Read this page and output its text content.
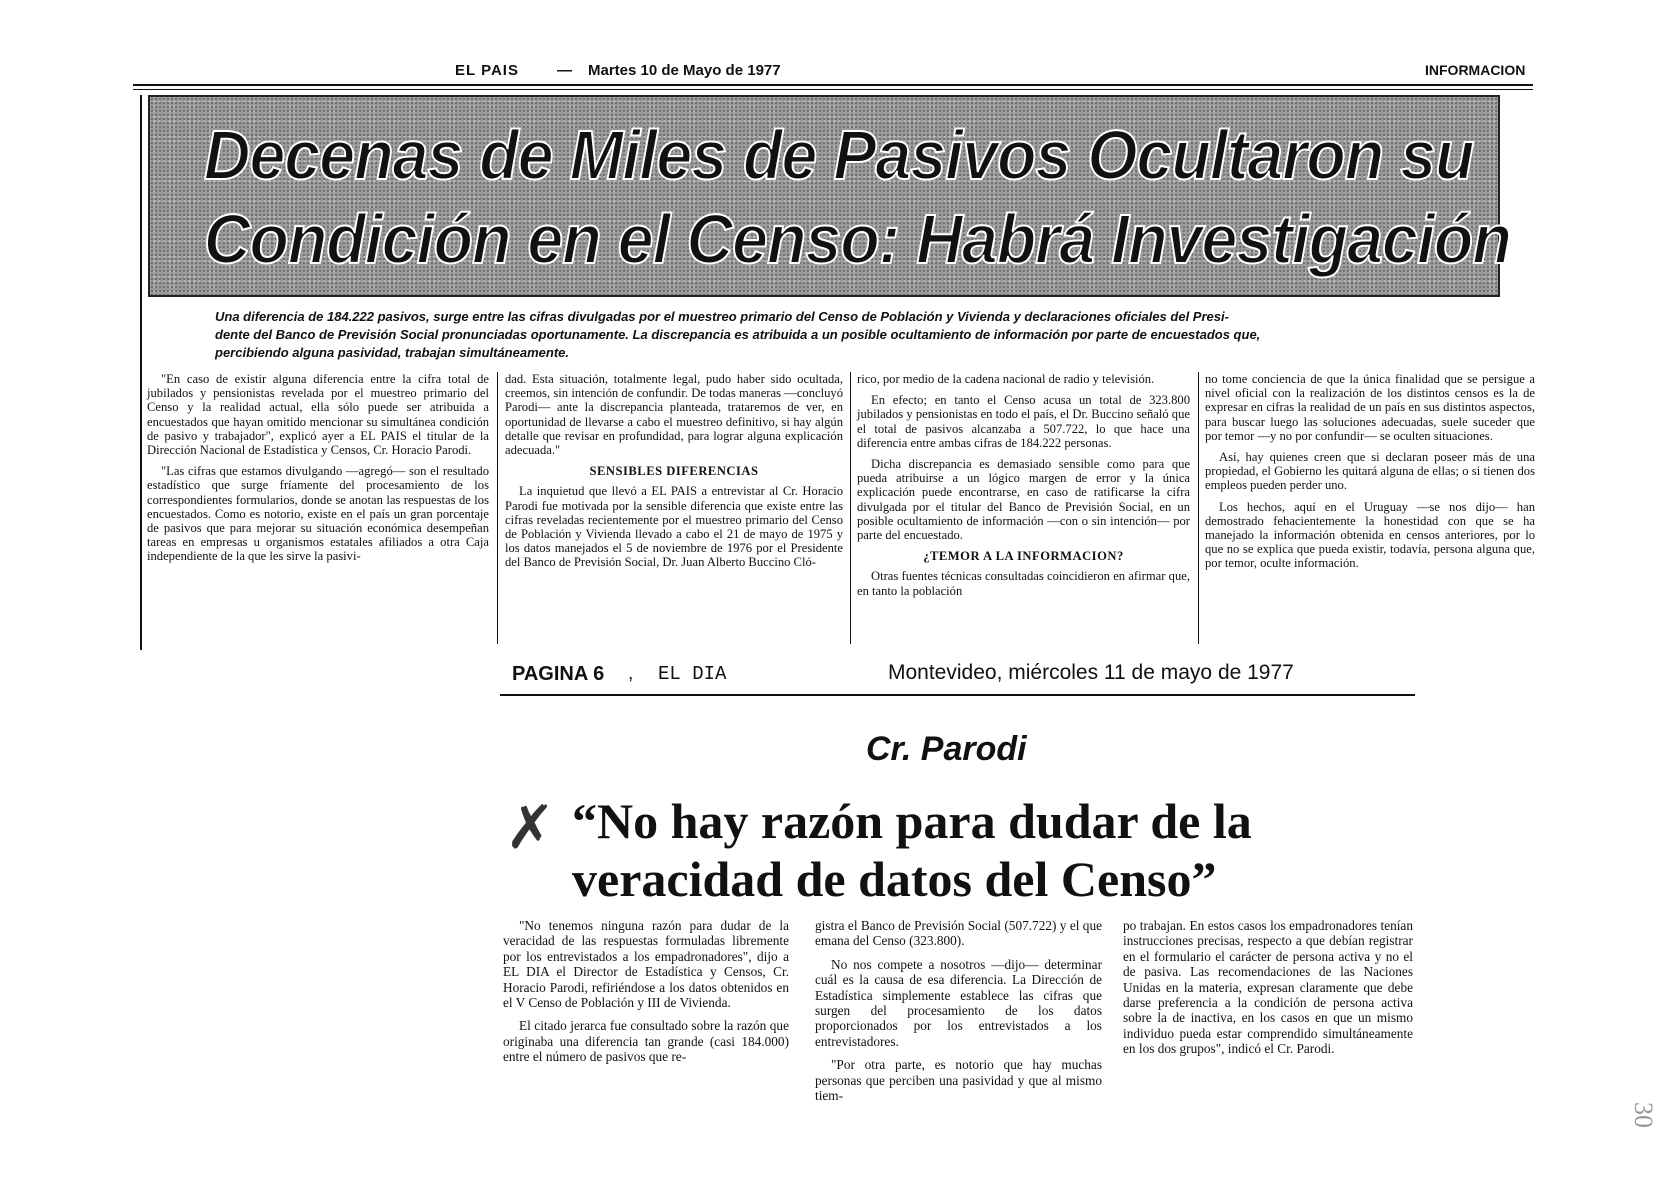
EL PAIS	— Martes 10 de Mayo de 1977	INFORMACION
Decenas de Miles de Pasivos Ocultaron su
Condición en el Censo: Habrá Investigación
Una diferencia de 184.222 pasivos, surge entre las cifras divulgadas por el muestreo primario del Censo de Población y Vivienda y declaraciones oficiales del Presi-
dente del Banco de Previsión Social pronunciadas oportunamente. La discrepancia es atribuida a un posible ocultamiento de información por parte de encuestados que,
percibiendo alguna pasividad, trabajan simultáneamente.

"En caso de existir alguna diferencia entre la cifra total de jubilados y pensionistas revelada por el muestreo primario del Censo y la realidad actual, ella sólo puede ser atribuida a encuestados que hayan omitido mencionar su simultánea condición de pasivo y trabajador", explicó ayer a EL PAIS el titular de la Dirección Nacional de Estadística y Censos, Cr. Horacio Parodi.

"Las cifras que estamos divulgando —agregó— son el resultado estadístico que surge fríamente del procesamiento de los correspondientes formularios, donde se anotan las respuestas de los encuestados. Como es notorio, existe en el país un gran porcentaje de pasivos que para mejorar su situación económica desempeñan tareas en empresas u organismos estatales afiliados a otra Caja independiente de la que les sirve la pasivi-

dad. Esta situación, totalmente legal, pudo haber sido ocultada, creemos, sin intención de confundir. De todas maneras —concluyó Parodi— ante la discrepancia planteada, trataremos de ver, en oportunidad de llevarse a cabo el muestreo definitivo, si hay algún detalle que revisar en profundidad, para lograr alguna explicación adecuada."

SENSIBLES DIFERENCIAS

La inquietud que llevó a EL PAIS a entrevistar al Cr. Horacio Parodi fue motivada por la sensible diferencia que existe entre las cifras reveladas recientemente por el muestreo primario del Censo de Población y Vivienda llevado a cabo el 21 de mayo de 1975 y los datos manejados el 5 de noviembre de 1976 por el Presidente del Banco de Previsión Social, Dr. Juan Alberto Buccino Cló-

rico, por medio de la cadena nacional de radio y televisión.

En efecto; en tanto el Censo acusa un total de 323.800 jubilados y pensionistas en todo el país, el Dr. Buccino señaló que el total de pasivos alcanzaba a 507.722, lo que hace una diferencia entre ambas cifras de 184.222 personas.

Dicha discrepancia es demasiado sensible como para que pueda atribuirse a un lógico margen de error y la única explicación puede encontrarse, en caso de ratificarse la cifra divulgada por el titular del Banco de Previsión Social, en un posible ocultamiento de información —con o sin intención— por parte del encuestado.

¿TEMOR A LA INFORMACION?

Otras fuentes técnicas consultadas coincidieron en afirmar que, en tanto la población

no tome conciencia de que la única finalidad que se persigue a nivel oficial con la realización de los distintos censos es la de expresar en cifras la realidad de un país en sus distintos aspectos, para buscar luego las soluciones adecuadas, suele suceder que por temor —y no por confundir— se oculten situaciones.

Así, hay quienes creen que si declaran poseer más de una propiedad, el Gobierno les quitará alguna de ellas; o si tienen dos empleos pueden perder uno.

Los hechos, aquí en el Uruguay —se nos dijo— han demostrado fehacientemente la honestidad con que se ha manejado la información obtenida en censos anteriores, por lo que no se explica que pueda existir, todavía, persona alguna que, por temor, oculte información.

PAGINA 6 , EL DIA	Montevideo, miércoles 11 de mayo de 1977
Cr. Parodi
✗ “No hay razón para dudar de la
veracidad de datos del Censo”

"No tenemos ninguna razón para dudar de la veracidad de las respuestas formuladas libremente por los entrevistados a los empadronadores", dijo a EL DIA el Director de Estadística y Censos, Cr. Horacio Parodi, refiriéndose a los datos obtenidos en el V Censo de Población y III de Vivienda.

El citado jerarca fue consultado sobre la razón que originaba una diferencia tan grande (casi 184.000) entre el número de pasivos que re-

gistra el Banco de Previsión Social (507.722) y el que emana del Censo (323.800).

No nos compete a nosotros —dijo— determinar cuál es la causa de esa diferencia. La Dirección de Estadística simplemente establece las cifras que surgen del procesamiento de los datos proporcionados por los entrevistados a los entrevistadores.

"Por otra parte, es notorio que hay muchas personas que perciben una pasividad y que al mismo tiem-

po trabajan. En estos casos los empadronadores tenían instrucciones precisas, respecto a que debían registrar en el formulario el carácter de persona activa y no el de pasiva. Las recomendaciones de las Naciones Unidas en la materia, expresan claramente que debe darse preferencia a la condición de persona activa sobre la de inactiva, en los casos en que un mismo individuo pueda estar comprendido simultáneamente en los dos grupos", indicó el Cr. Parodi.

30
